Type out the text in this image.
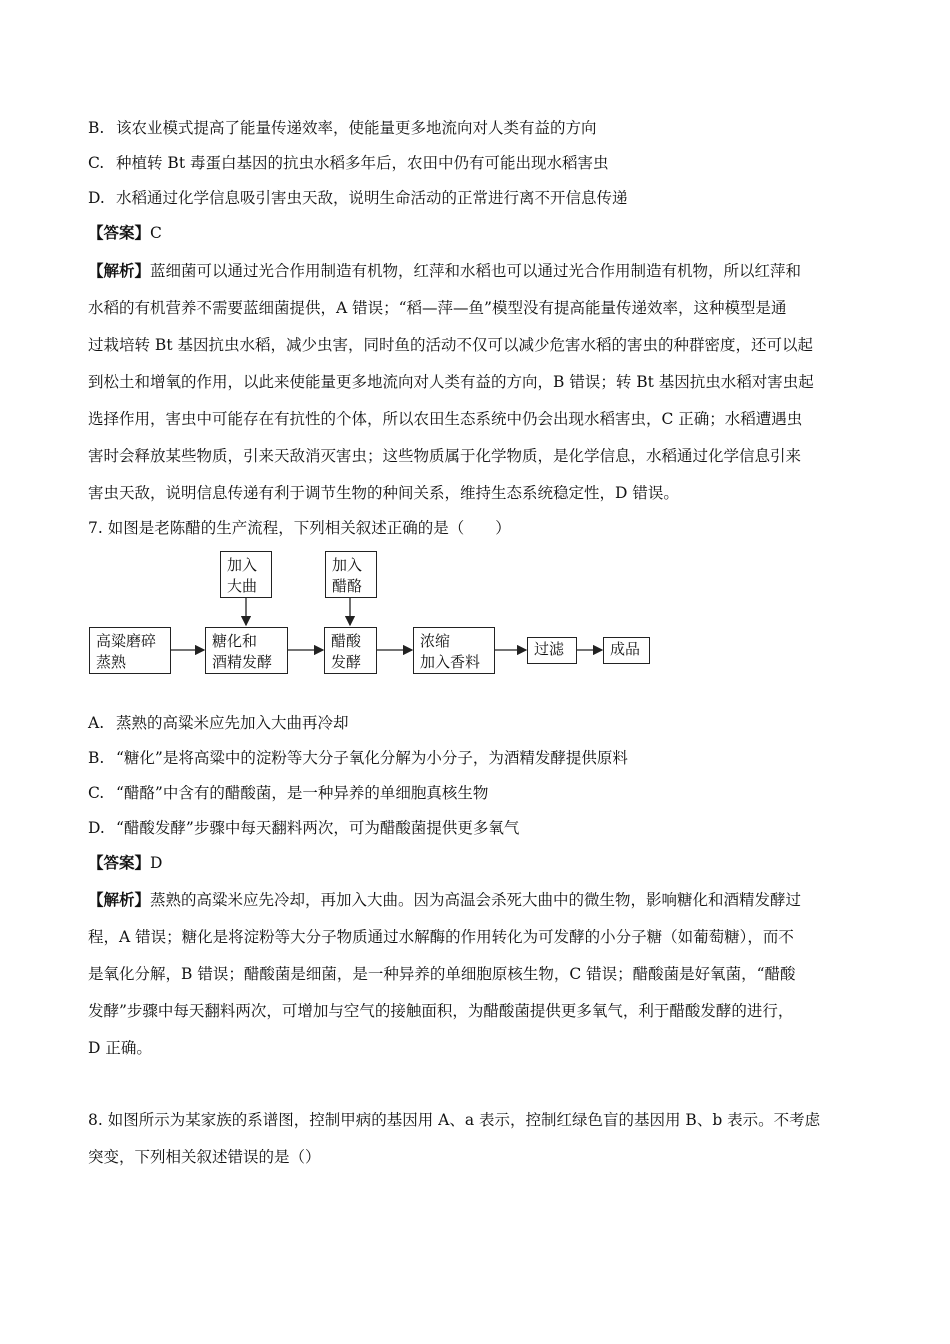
B. 该农业模式提高了能量传递效率，使能量更多地流向对人类有益的方向
C. 种植转 Bt 毒蛋白基因的抗虫水稻多年后，农田中仍有可能出现水稻害虫
D. 水稻通过化学信息吸引害虫天敌，说明生命活动的正常进行离不开信息传递
【答案】C
【解析】蓝细菌可以通过光合作用制造有机物，红萍和水稻也可以通过光合作用制造有机物，所以红萍和
水稻的有机营养不需要蓝细菌提供，A 错误；“稻—萍—鱼”模型没有提高能量传递效率，这种模型是通
过栽培转 Bt 基因抗虫水稻，减少虫害，同时鱼的活动不仅可以减少危害水稻的害虫的种群密度，还可以起
到松土和增氧的作用，以此来使能量更多地流向对人类有益的方向，B 错误；转 Bt 基因抗虫水稻对害虫起
选择作用，害虫中可能存在有抗性的个体，所以农田生态系统中仍会出现水稻害虫，C 正确；水稻遭遇虫
害时会释放某些物质，引来天敌消灭害虫；这些物质属于化学物质，是化学信息，水稻通过化学信息引来
害虫天敌，说明信息传递有利于调节生物的种间关系，维持生态系统稳定性，D 错误。
7. 如图是老陈醋的生产流程，下列相关叙述正确的是（　　）
加入
大曲
加入
醋酪
高粱磨碎
蒸熟
糖化和
酒精发酵
醋酸
发酵
浓缩
加入香料
过滤	成品
A. 蒸熟的高粱米应先加入大曲再冷却
B. “糖化”是将高粱中的淀粉等大分子氧化分解为小分子，为酒精发酵提供原料
C. “醋酪”中含有的醋酸菌，是一种异养的单细胞真核生物
D. “醋酸发酵”步骤中每天翻料两次，可为醋酸菌提供更多氧气
【答案】D
【解析】蒸熟的高粱米应先冷却，再加入大曲。因为高温会杀死大曲中的微生物，影响糖化和酒精发酵过
程，A 错误；糖化是将淀粉等大分子物质通过水解酶的作用转化为可发酵的小分子糖（如葡萄糖），而不
是氧化分解，B 错误；醋酸菌是细菌，是一种异养的单细胞原核生物，C 错误；醋酸菌是好氧菌，“醋酸
发酵”步骤中每天翻料两次，可增加与空气的接触面积，为醋酸菌提供更多氧气，利于醋酸发酵的进行，
D 正确。
8. 如图所示为某家族的系谱图，控制甲病的基因用 A、a 表示，控制红绿色盲的基因用 B、b 表示。不考虑
突变，下列相关叙述错误的是（）
